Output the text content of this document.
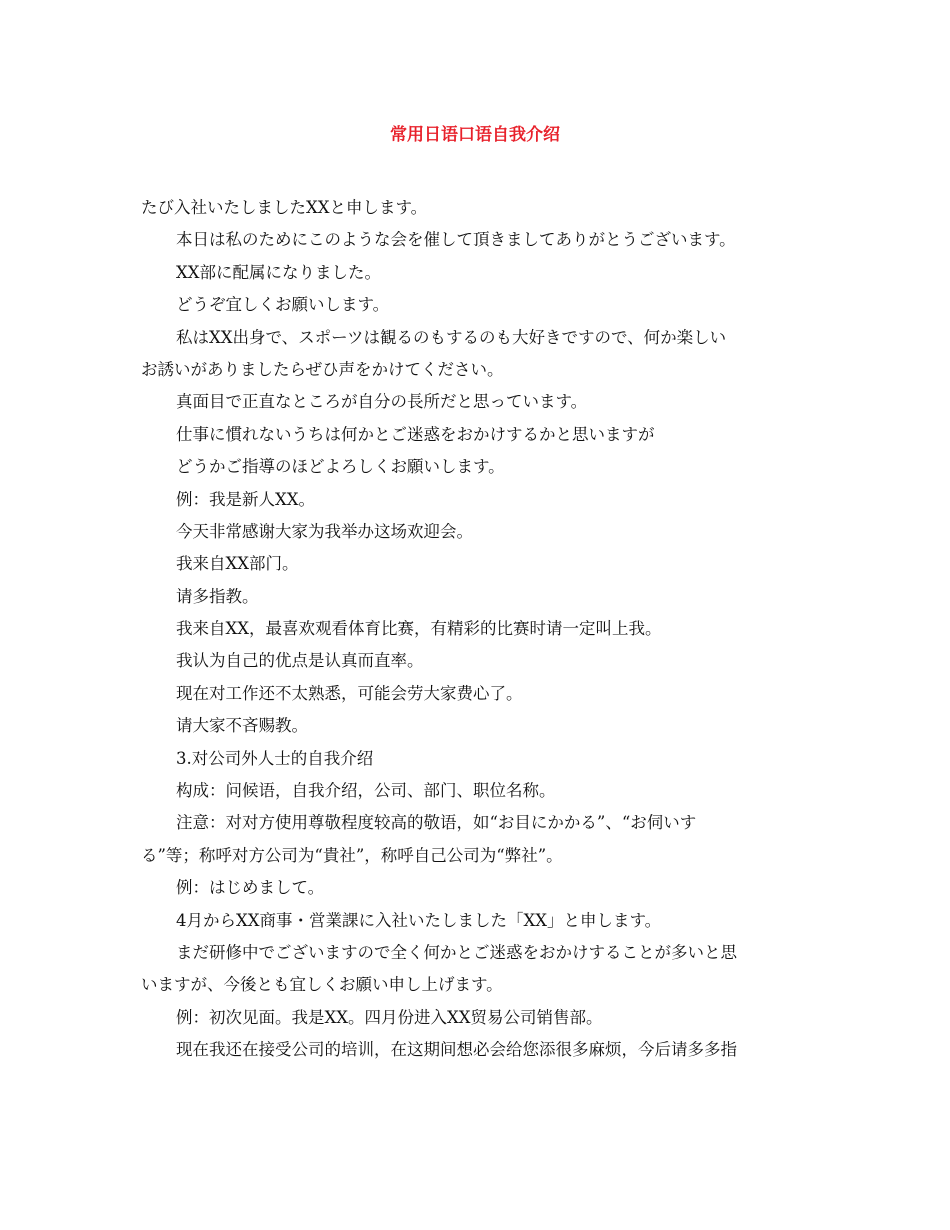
常用日语口语自我介绍
たび入社いたしましたXXと申します。
本日は私のためにこのような会を催して頂きましてありがとうございます。
XX部に配属になりました。
どうぞ宜しくお願いします。
私はXX出身で、スポーツは観るのもするのも大好きですので、何か楽しい
お誘いがありましたらぜひ声をかけてください。
真面目で正直なところが自分の長所だと思っています。
仕事に慣れないうちは何かとご迷惑をおかけするかと思いますが
どうかご指導のほどよろしくお願いします。
例：我是新人XX。
今天非常感谢大家为我举办这场欢迎会。
我来自XX部门。
请多指教。
我来自XX，最喜欢观看体育比赛，有精彩的比赛时请一定叫上我。
我认为自己的优点是认真而直率。
现在对工作还不太熟悉，可能会劳大家费心了。
请大家不吝赐教。
3.对公司外人士的自我介绍
构成：问候语，自我介绍，公司、部门、职位名称。
注意：对对方使用尊敬程度较高的敬语，如“お目にかかる”、“お伺いす
る”等；称呼对方公司为“貴社”，称呼自己公司为“弊社”。
例：はじめまして。
4月からXX商事・営業課に入社いたしました「XX」と申します。
まだ研修中でございますので全く何かとご迷惑をおかけすることが多いと思
いますが、今後とも宜しくお願い申し上げます。
例：初次见面。我是XX。四月份进入XX贸易公司销售部。
现在我还在接受公司的培训，在这期间想必会给您添很多麻烦，今后请多多指
